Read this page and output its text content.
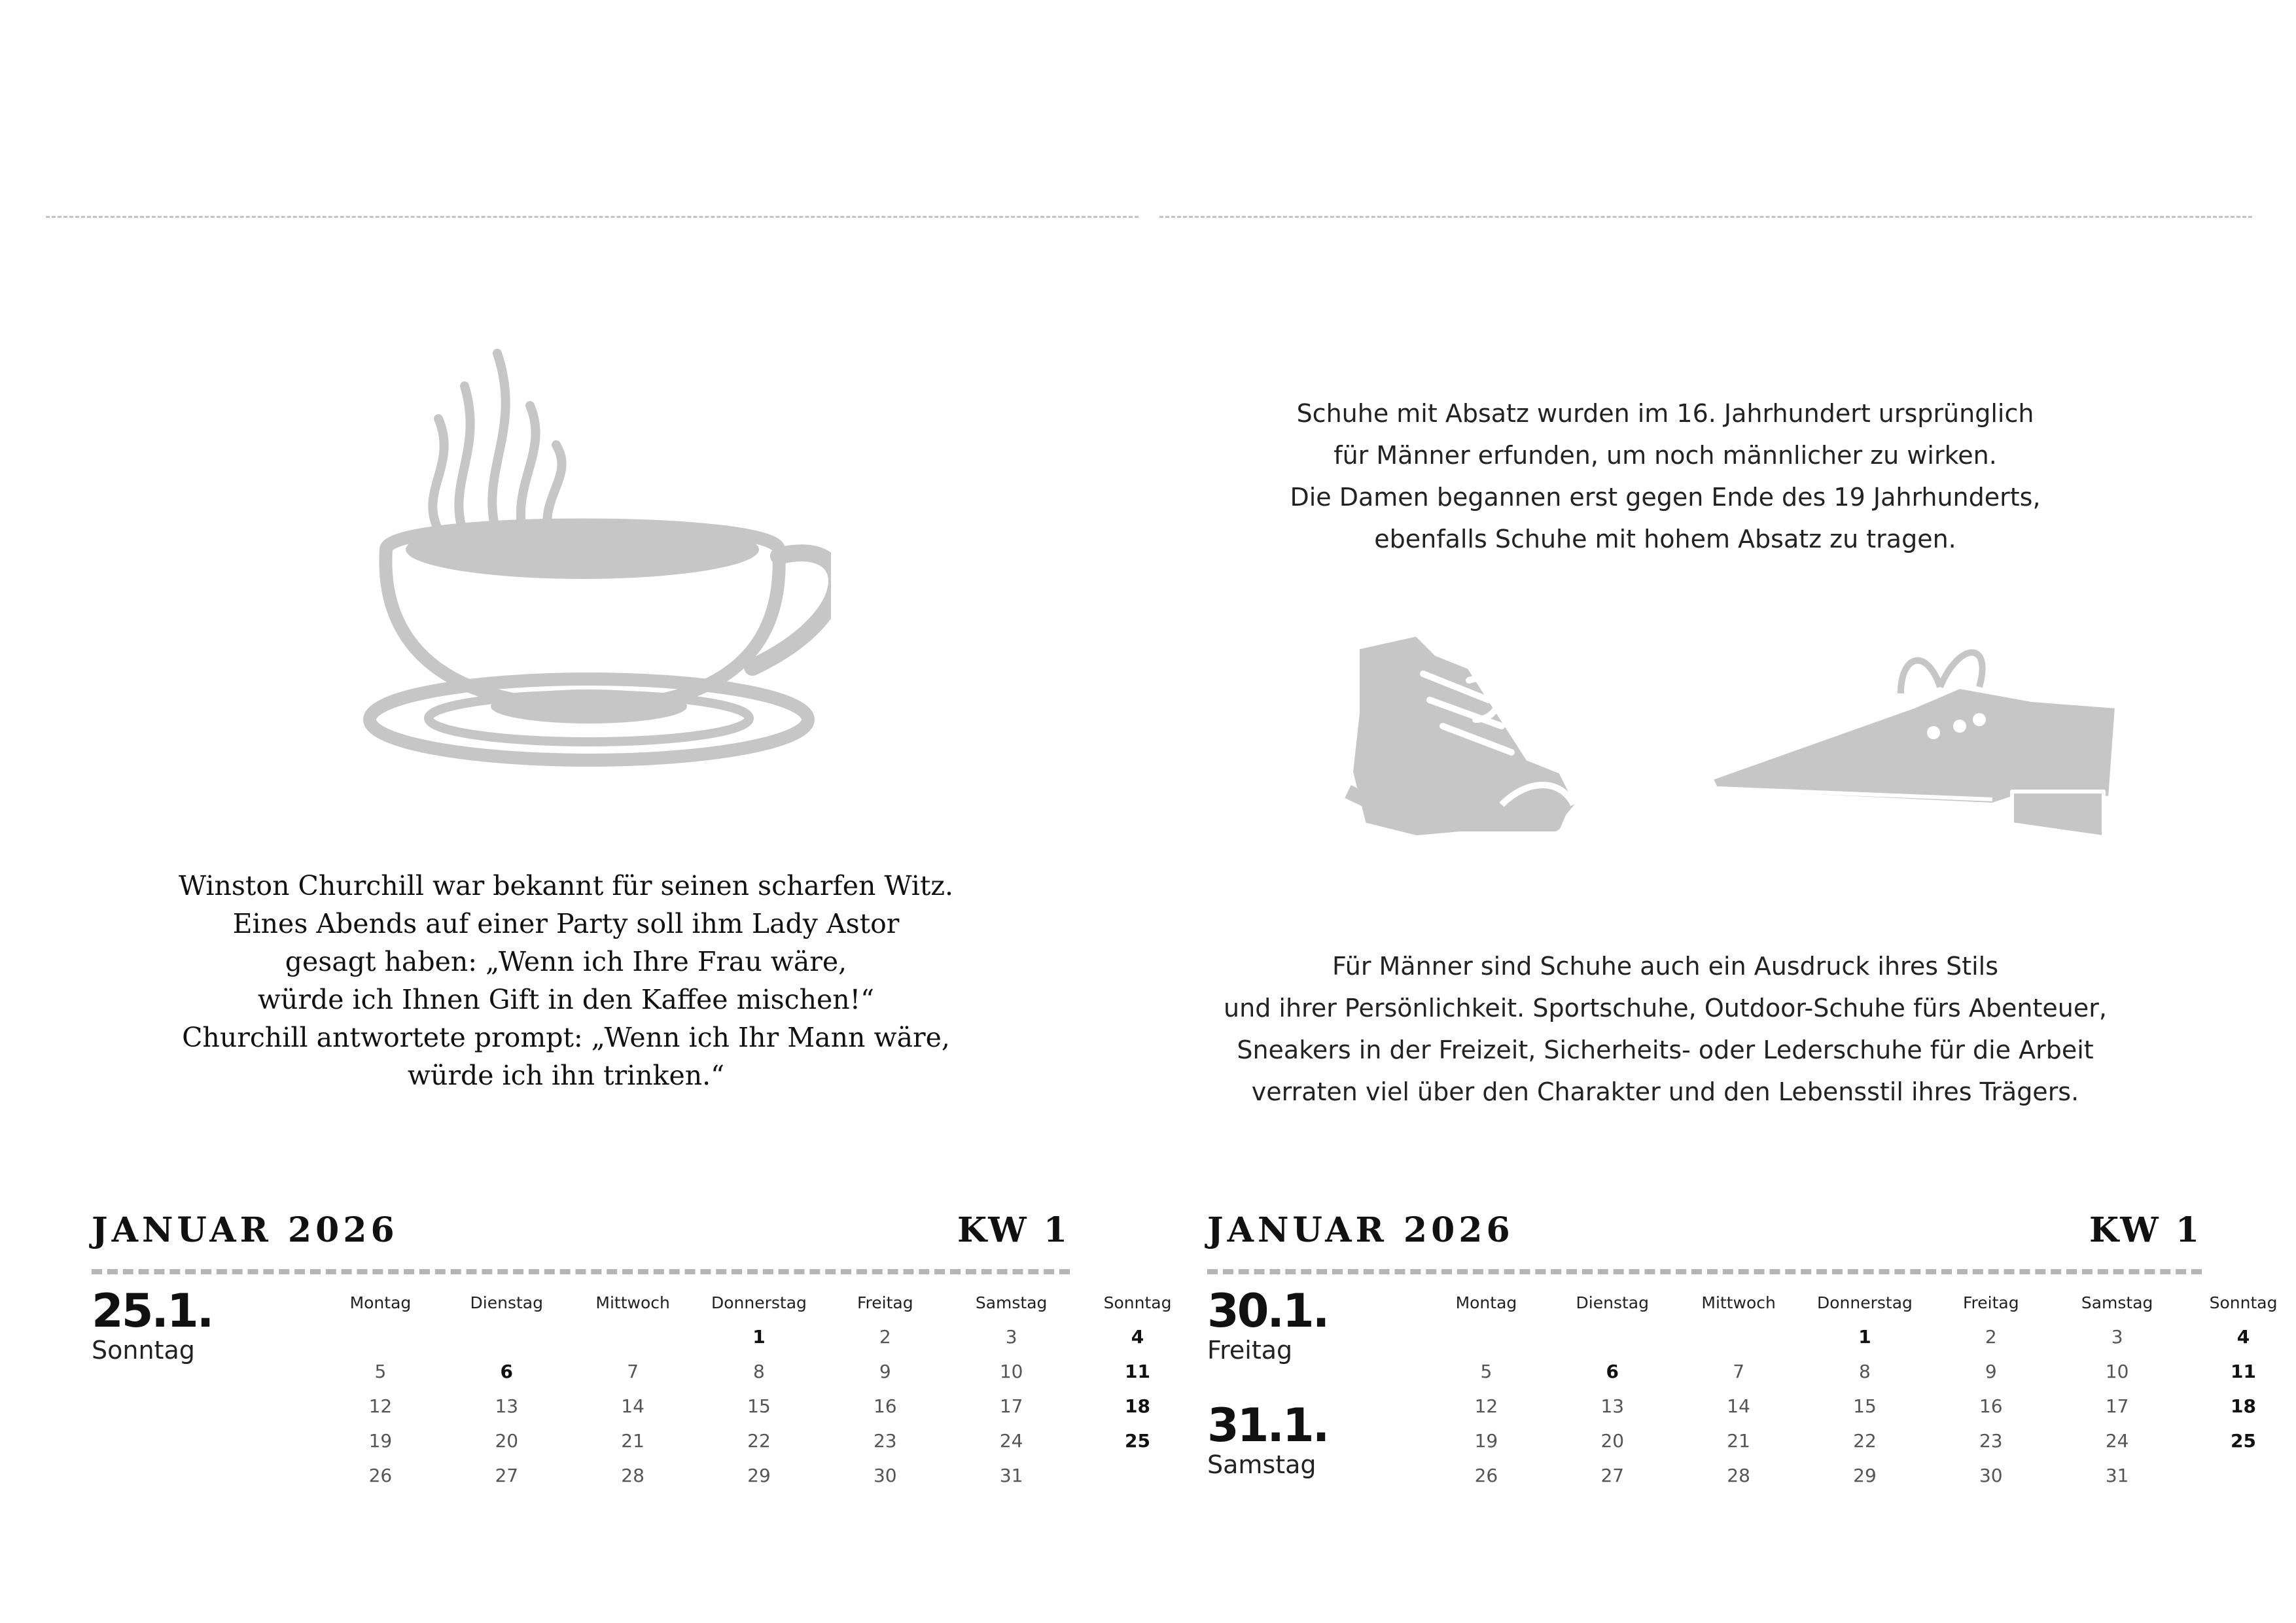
Winston Churchill war bekannt für seinen scharfen Witz.
Eines Abends auf einer Party soll ihm Lady Astor
gesagt haben: „Wenn ich Ihre Frau wäre,
würde ich Ihnen Gift in den Kaffee mischen!“
Churchill antwortete prompt: „Wenn ich Ihr Mann wäre,
würde ich ihn trinken.“
JANUAR 2026	KW 1
25.1.
Sonntag
Montag	Dienstag	Mittwoch	Donnerstag	Freitag	Samstag	Sonntag
			1	2	3	4
5	6	7	8	9	10	11
12	13	14	15	16	17	18
19	20	21	22	23	24	25
26	27	28	29	30	31	
Schuhe mit Absatz wurden im 16. Jahrhundert ursprünglich
für Männer erfunden, um noch männlicher zu wirken.
Die Damen begannen erst gegen Ende des 19 Jahrhunderts,
ebenfalls Schuhe mit hohem Absatz zu tragen.
Für Männer sind Schuhe auch ein Ausdruck ihres Stils
und ihrer Persönlichkeit. Sportschuhe, Outdoor-Schuhe fürs Abenteuer,
Sneakers in der Freizeit, Sicherheits- oder Lederschuhe für die Arbeit
verraten viel über den Charakter und den Lebensstil ihres Trägers.
JANUAR 2026	KW 1
30.1.
Freitag
31.1.
Samstag
Montag	Dienstag	Mittwoch	Donnerstag	Freitag	Samstag	Sonntag
			1	2	3	4
5	6	7	8	9	10	11
12	13	14	15	16	17	18
19	20	21	22	23	24	25
26	27	28	29	30	31	
